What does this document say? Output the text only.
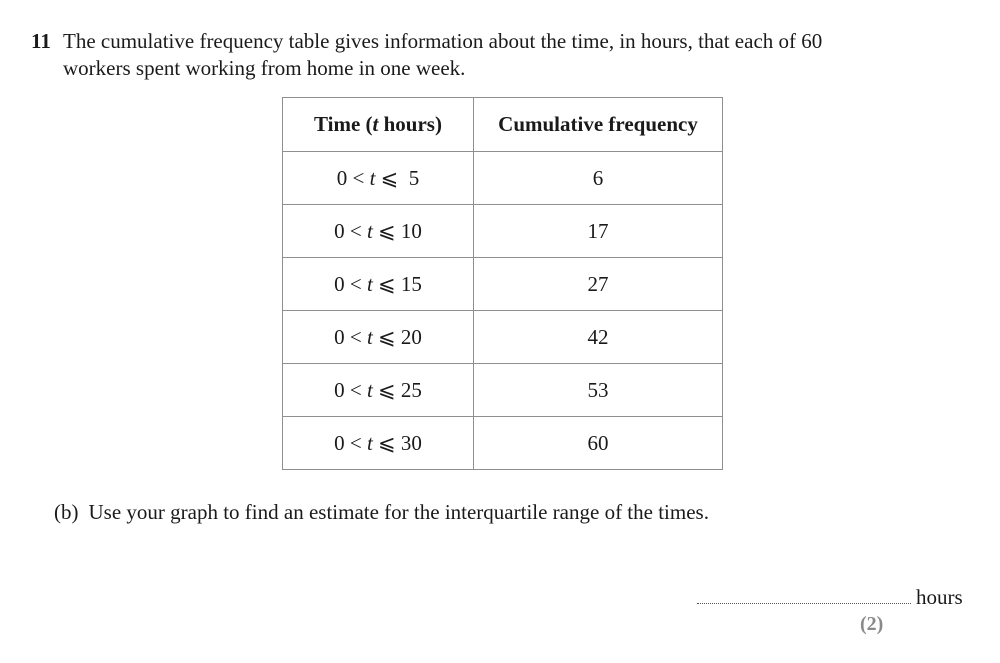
11 The cumulative frequency table gives information about the time, in hours, that each of 60 workers spent working from home in one week.
Time (t hours)	Cumulative frequency
0 < t ⩽  5	6
0 < t ⩽ 10	17
0 < t ⩽ 15	27
0 < t ⩽ 20	42
0 < t ⩽ 25	53
0 < t ⩽ 30	60
(b) Use your graph to find an estimate for the interquartile range of the times.
hours
(2)
